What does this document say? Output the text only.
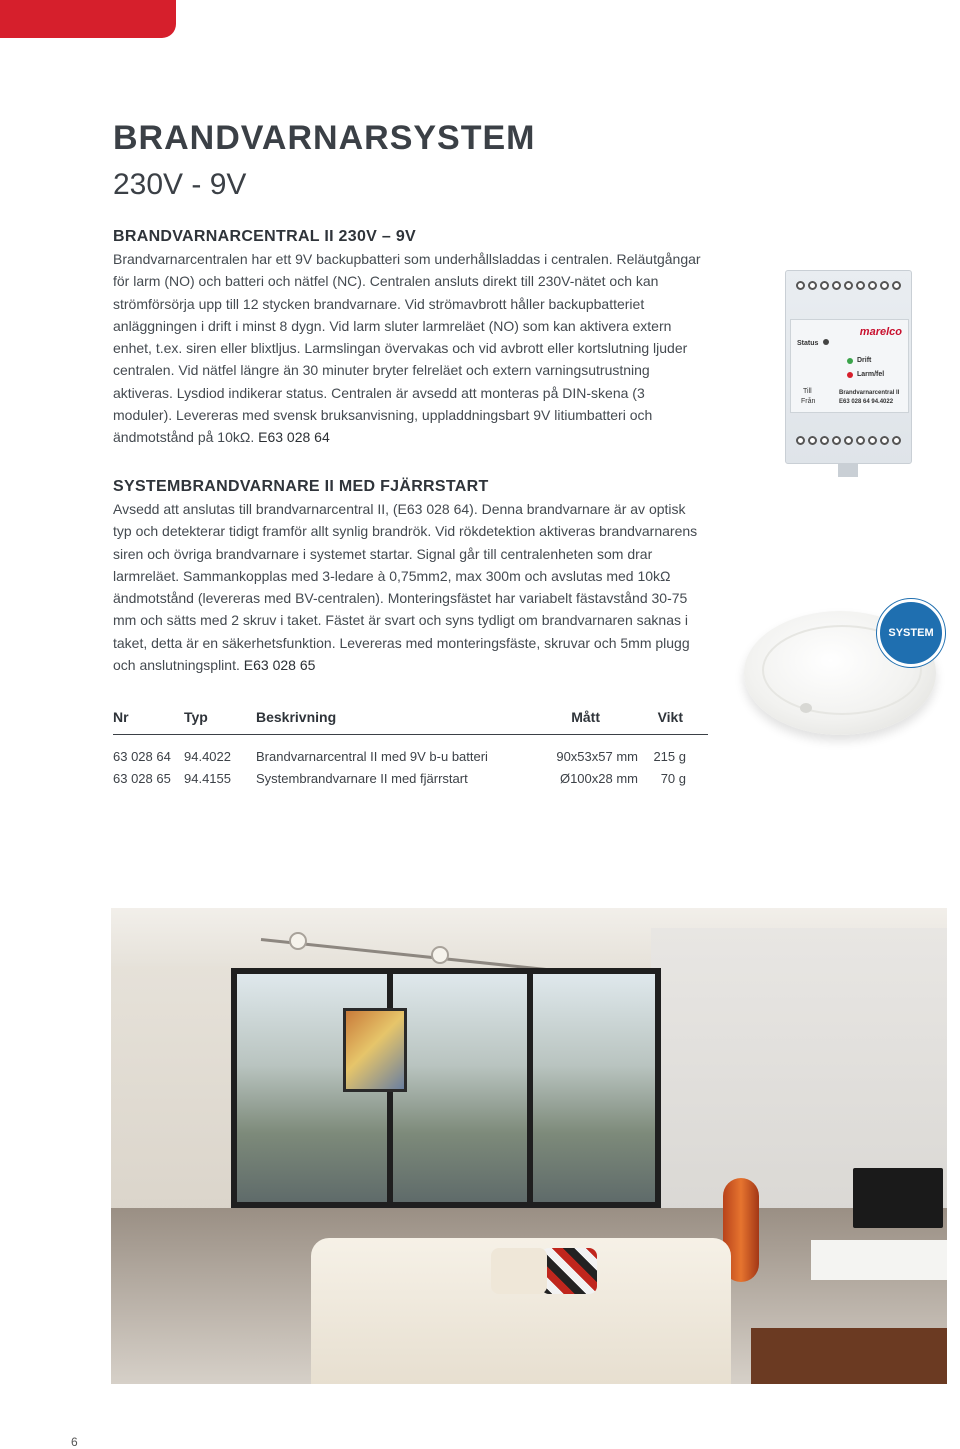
BRANDVARNARSYSTEM
230V - 9V
BRANDVARNARCENTRAL II 230V – 9V

Brandvarnarcentralen har ett 9V backupbatteri som underhållsladdas i centralen. Reläutgångar för larm (NO) och batteri och nätfel (NC). Centralen ansluts direkt till 230V-nätet och kan strömförsörja upp till 12 stycken brandvarnare. Vid strömavbrott håller backupbatteriet anläggningen i drift i minst 8 dygn. Vid larm sluter larmreläet (NO) som kan aktivera extern enhet, t.ex. siren eller blixtljus. Larmslingan övervakas och vid avbrott eller kortslutning ljuder centralen. Vid nätfel längre än 30 minuter bryter felreläet och extern varningsutrustning aktiveras. Lysdiod indikerar status. Centralen är avsedd att monteras på DIN-skena (3 moduler). Levereras med svensk bruksanvisning, uppladdningsbart 9V litiumbatteri och ändmotstånd på 10kΩ. E63 028 64

SYSTEMBRANDVARNARE II MED FJÄRRSTART

Avsedd att anslutas till brandvarnarcentral II, (E63 028 64). Denna brandvarnare är av optisk typ och detekterar tidigt framför allt synlig brandrök. Vid rökdetektion aktiveras brandvarnarens siren och övriga brandvarnare i systemet startar. Signal går till centralenheten som drar larmreläet. Sammankopplas med 3-ledare à 0,75mm2, max 300m och avslutas med 10kΩ ändmotstånd (levereras med BV-centralen). Monteringsfästet har variabelt fästavstånd 30-75 mm och sätts med 2 skruv i taket. Fästet är svart och syns tydligt om brandvarnaren saknas i taket, detta är en säkerhetsfunktion. Levereras med monteringsfäste, skruvar och 5mm plugg och anslutningsplint. E63 028 65

Nr	Typ	Beskrivning	Mått	Vikt
63 028 64 94.4022 Brandvarnarcentral II med 9V b-u batteri	90x53x57 mm 215 g
63 028 65 94.4155 Systembrandvarnare II med fjärrstart	Ø100x28 mm 70 g
marelco
Status
Drift
Larm/fel
Till
Från
Brandvarnarcentral II
E63 028 64 94.4022
SYSTEM
6
